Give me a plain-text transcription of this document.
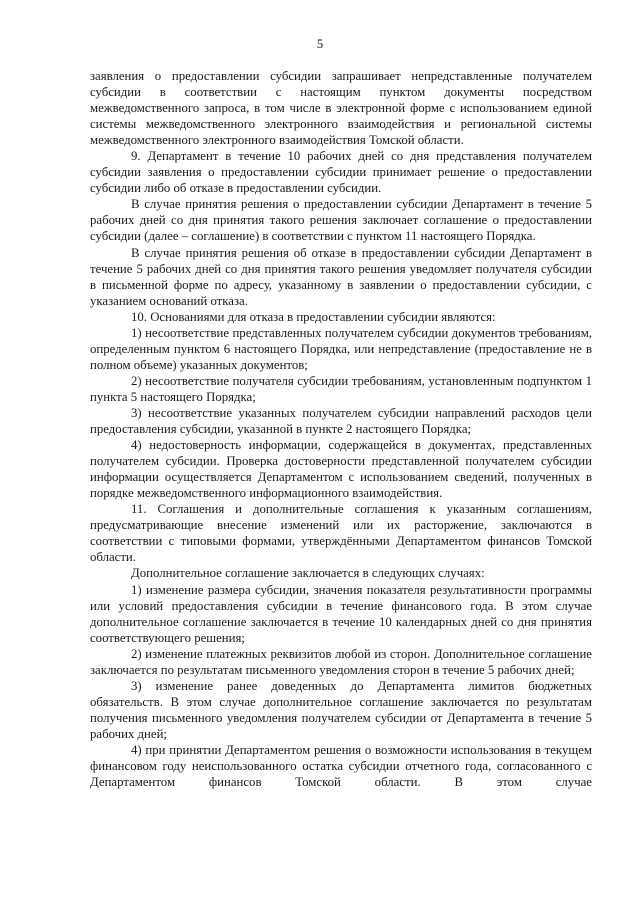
5

заявления о предоставлении субсидии запрашивает непредставленные получателем субсидии в соответствии с настоящим пунктом документы посредством межведомственного запроса, в том числе в электронной форме с использованием единой системы межведомственного электронного взаимодействия и региональной системы межведомственного электронного взаимодействия Томской области.

9. Департамент в течение 10 рабочих дней со дня представления получателем субсидии заявления о предоставлении субсидии принимает решение о предоставлении субсидии либо об отказе в предоставлении субсидии.

В случае принятия решения о предоставлении субсидии Департамент в течение 5 рабочих дней со дня принятия такого решения заключает соглашение о предоставлении субсидии (далее – соглашение) в соответствии с пунктом 11 настоящего Порядка.

В случае принятия решения об отказе в предоставлении субсидии Департамент в течение 5 рабочих дней со дня принятия такого решения уведомляет получателя субсидии в письменной форме по адресу, указанному в заявлении о предоставлении субсидии, с указанием оснований отказа.

10. Основаниями для отказа в предоставлении субсидии являются:

1) несоответствие представленных получателем субсидии документов требованиям, определенным пунктом 6 настоящего Порядка, или непредставление (предоставление не в полном объеме) указанных документов;

2) несоответствие получателя субсидии требованиям, установленным подпунктом 1 пункта 5 настоящего Порядка;

3) несоответствие указанных получателем субсидии направлений расходов цели предоставления субсидии, указанной в пункте 2 настоящего Порядка;

4) недостоверность информации, содержащейся в документах, представленных получателем субсидии. Проверка достоверности представленной получателем субсидии информации осуществляется Департаментом с использованием сведений, полученных в порядке межведомственного информационного взаимодействия.

11. Соглашения и дополнительные соглашения к указанным соглашениям, предусматривающие внесение изменений или их расторжение, заключаются в соответствии с типовыми формами, утверждёнными Департаментом финансов Томской области.

Дополнительное соглашение заключается в следующих случаях:

1) изменение размера субсидии, значения показателя результативности программы или условий предоставления субсидии в течение финансового года. В этом случае дополнительное соглашение заключается в течение 10 календарных дней со дня принятия соответствующего решения;

2) изменение платежных реквизитов любой из сторон. Дополнительное соглашение заключается по результатам письменного уведомления сторон в течение 5 рабочих дней;

3) изменение ранее доведенных до Департамента лимитов бюджетных обязательств. В этом случае дополнительное соглашение заключается по результатам получения письменного уведомления получателем субсидии от Департамента в течение 5 рабочих дней;

4) при принятии Департаментом решения о возможности использования в текущем финансовом году неиспользованного остатка субсидии отчетного года, согласованного с Департаментом финансов Томской области. В этом случае
